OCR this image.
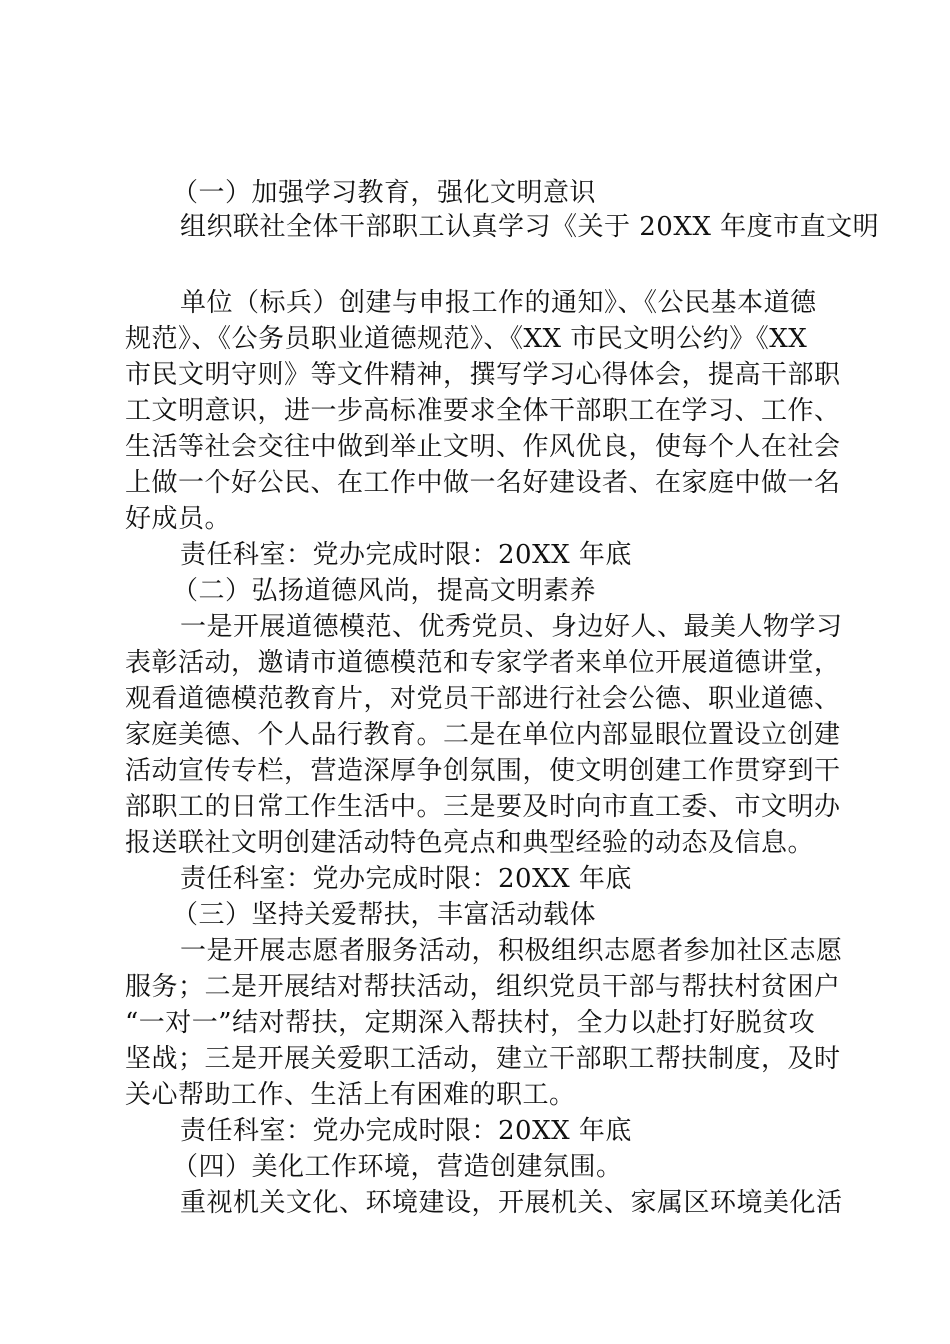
（一）加强学习教育，强化文明意识
组织联社全体干部职工认真学习《关于 20XX 年度市直文明
单位（标兵）创建与申报工作的通知》、《公民基本道德
规范》、《公务员职业道德规范》、《XX 市民文明公约》《XX
市民文明守则》等文件精神，撰写学习心得体会，提高干部职
工文明意识，进一步高标准要求全体干部职工在学习、工作、
生活等社会交往中做到举止文明、作风优良，使每个人在社会
上做一个好公民、在工作中做一名好建设者、在家庭中做一名
好成员。
责任科室：党办完成时限：20XX 年底
（二）弘扬道德风尚，提高文明素养
一是开展道德模范、优秀党员、身边好人、最美人物学习
表彰活动，邀请市道德模范和专家学者来单位开展道德讲堂，
观看道德模范教育片，对党员干部进行社会公德、职业道德、
家庭美德、个人品行教育。二是在单位内部显眼位置设立创建
活动宣传专栏，营造深厚争创氛围，使文明创建工作贯穿到干
部职工的日常工作生活中。三是要及时向市直工委、市文明办
报送联社文明创建活动特色亮点和典型经验的动态及信息。
责任科室：党办完成时限：20XX 年底
（三）坚持关爱帮扶，丰富活动载体
一是开展志愿者服务活动，积极组织志愿者参加社区志愿
服务；二是开展结对帮扶活动，组织党员干部与帮扶村贫困户
“一对一”结对帮扶，定期深入帮扶村，全力以赴打好脱贫攻
坚战；三是开展关爱职工活动，建立干部职工帮扶制度，及时
关心帮助工作、生活上有困难的职工。
责任科室：党办完成时限：20XX 年底
（四）美化工作环境，营造创建氛围。
重视机关文化、环境建设，开展机关、家属区环境美化活
